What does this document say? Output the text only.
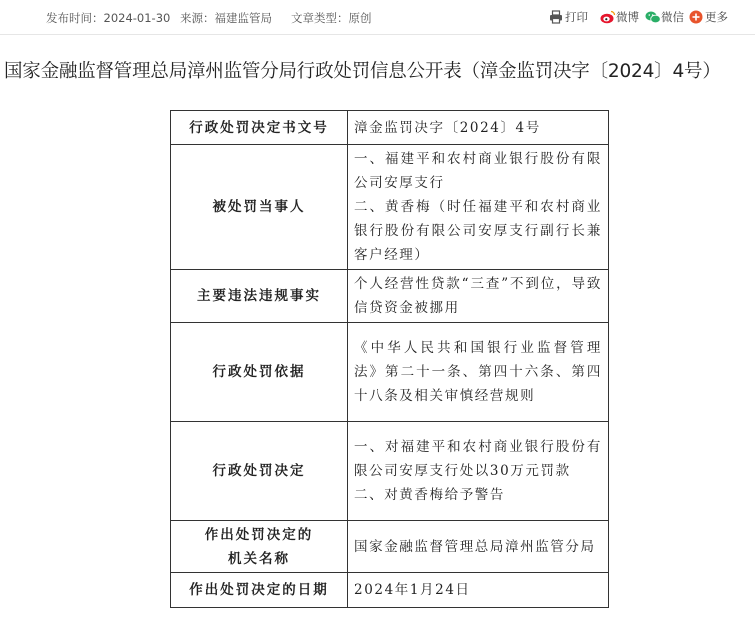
发布时间：2024-01-30 来源：福建监管局 文章类型：原创	打印 微博 微信 更多
国家金融监督管理总局漳州监管分局行政处罚信息公开表（漳金监罚决字〔2024〕4号）
行政处罚决定书文号	漳金监罚决字〔2024〕4号
被处罚当事人	一、福建平和农村商业银行股份有限公司安厚支行
二、黄香梅（时任福建平和农村商业银行股份有限公司安厚支行副行长兼客户经理）

主要违法违规事实	个人经营性贷款“三查”不到位，导致信贷资金被挪用
行政处罚依据	《中华人民共和国银行业监督管理法》第二十一条、第四十六条、第四十八条及相关审慎经营规则
行政处罚决定	一、对福建平和农村商业银行股份有限公司安厚支行处以30万元罚款
二、对黄香梅给予警告

作出处罚决定的
机关名称	国家金融监督管理总局漳州监管分局
作出处罚决定的日期	2024年1月24日
